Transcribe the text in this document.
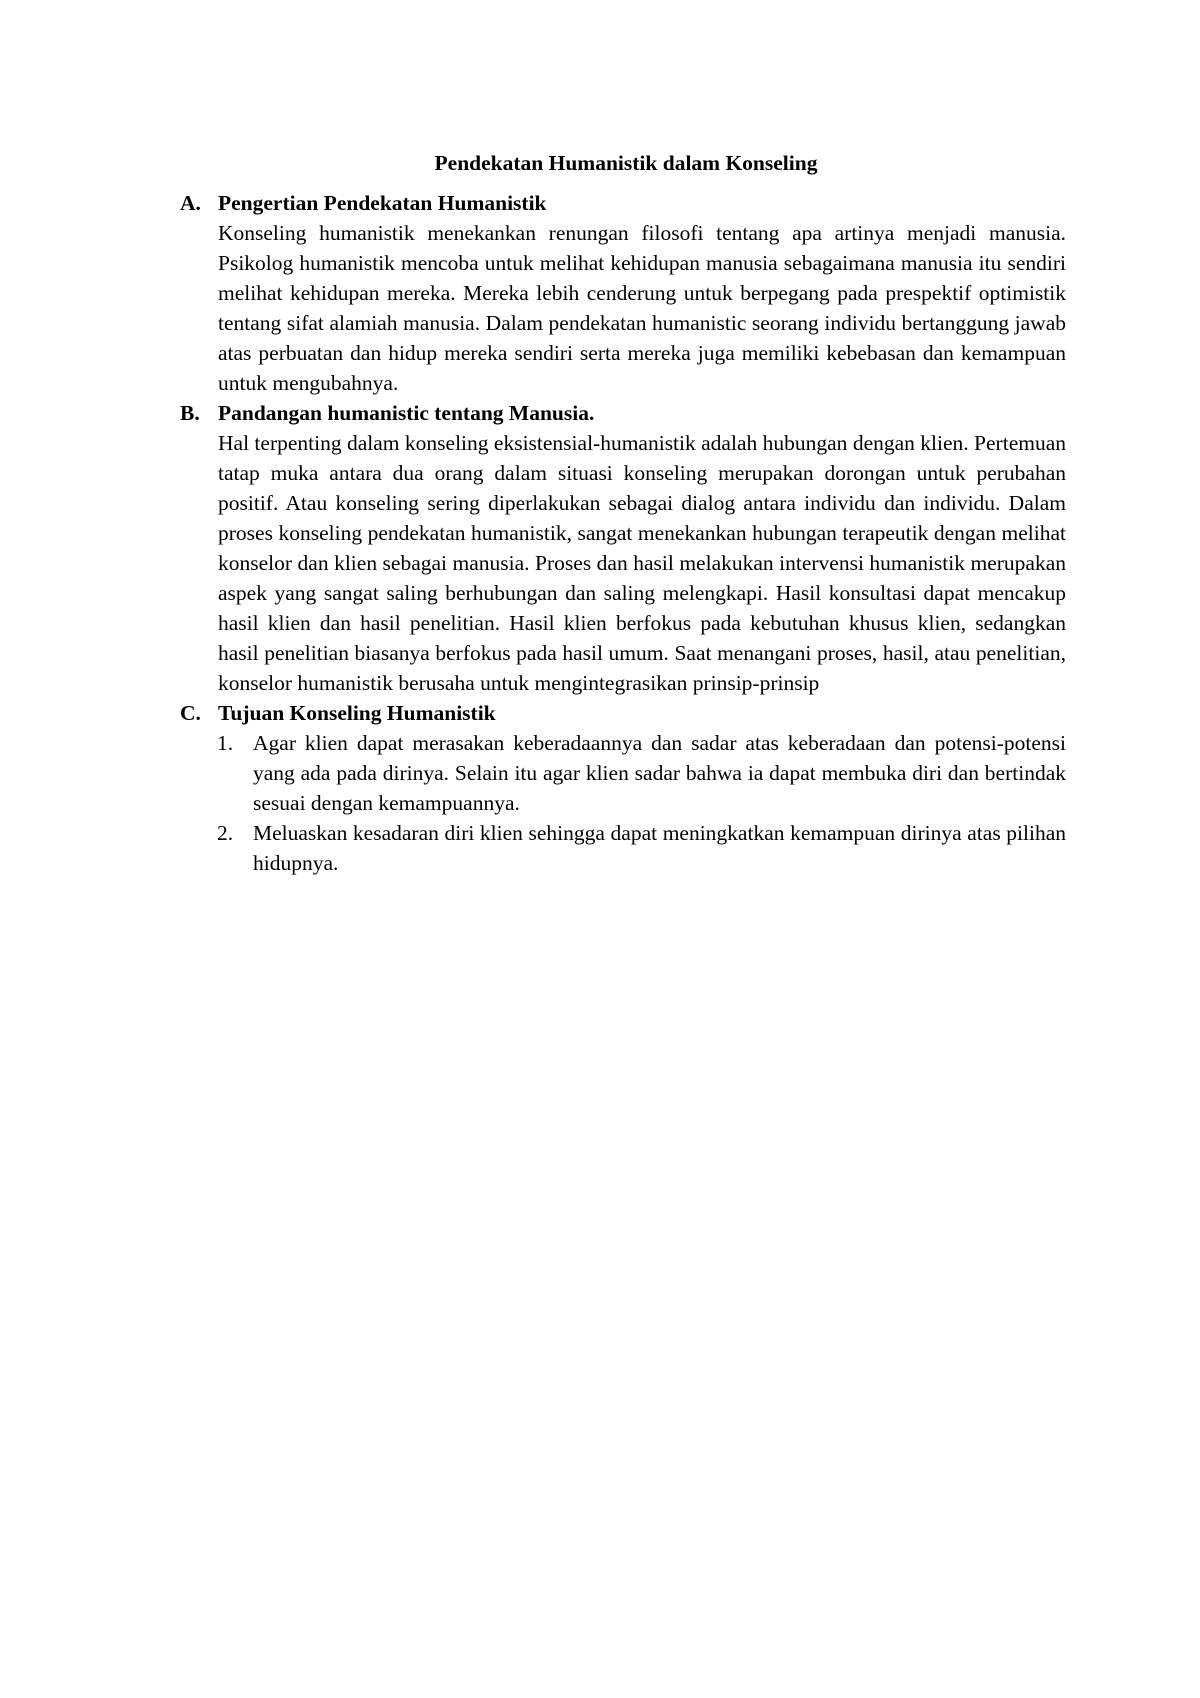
Pendekatan Humanistik dalam Konseling
A. Pengertian Pendekatan Humanistik

Konseling humanistik menekankan renungan filosofi tentang apa artinya menjadi manusia. Psikolog humanistik mencoba untuk melihat kehidupan manusia sebagaimana manusia itu sendiri melihat kehidupan mereka. Mereka lebih cenderung untuk berpegang pada prespektif optimistik tentang sifat alamiah manusia. Dalam pendekatan humanistic seorang individu bertanggung jawab atas perbuatan dan hidup mereka sendiri serta mereka juga memiliki kebebasan dan kemampuan untuk mengubahnya.

B. Pandangan humanistic tentang Manusia.

Hal terpenting dalam konseling eksistensial-humanistik adalah hubungan dengan klien. Pertemuan tatap muka antara dua orang dalam situasi konseling merupakan dorongan untuk perubahan positif. Atau konseling sering diperlakukan sebagai dialog antara individu dan individu. Dalam proses konseling pendekatan humanistik, sangat menekankan hubungan terapeutik dengan melihat konselor dan klien sebagai manusia. Proses dan hasil melakukan intervensi humanistik merupakan aspek yang sangat saling berhubungan dan saling melengkapi. Hasil konsultasi dapat mencakup hasil klien dan hasil penelitian. Hasil klien berfokus pada kebutuhan khusus klien, sedangkan hasil penelitian biasanya berfokus pada hasil umum. Saat menangani proses, hasil, atau penelitian, konselor humanistik berusaha untuk mengintegrasikan prinsip-prinsip

C. Tujuan Konseling Humanistik

1. Agar klien dapat merasakan keberadaannya dan sadar atas keberadaan dan potensi-potensi yang ada pada dirinya. Selain itu agar klien sadar bahwa ia dapat membuka diri dan bertindak sesuai dengan kemampuannya.
2. Meluaskan kesadaran diri klien sehingga dapat meningkatkan kemampuan dirinya atas pilihan hidupnya.
